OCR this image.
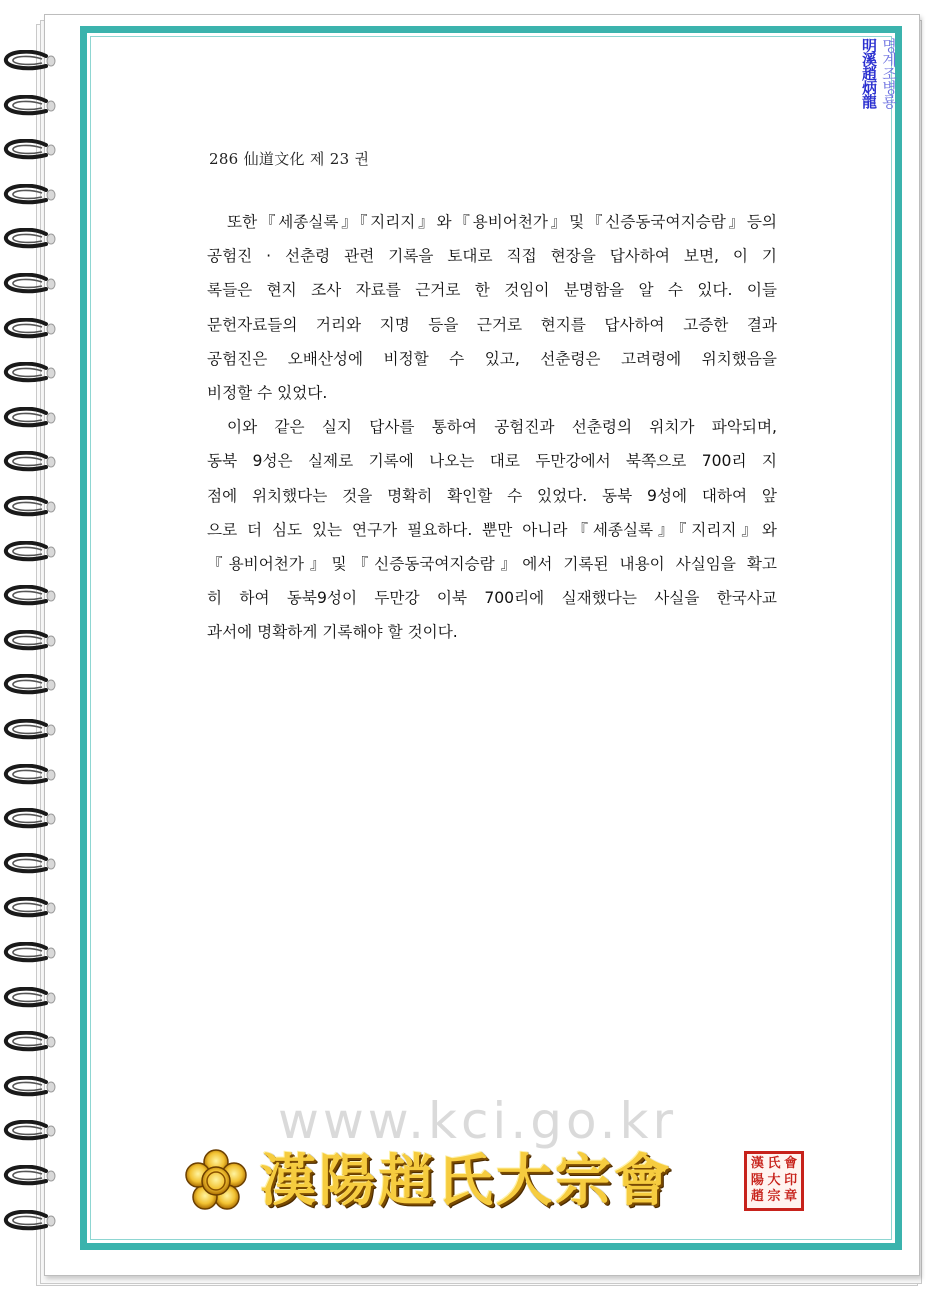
명계조병룡
明溪趙炳龍
286 仙道文化 제 23 권
또한『세종실록』『지리지』와『용비어천가』및『신증동국여지승람』등의
공험진 · 선춘령 관련 기록을 토대로 직접 현장을 답사하여 보면, 이 기
록들은 현지 조사 자료를 근거로 한 것임이 분명함을 알 수 있다. 이들
문헌자료들의 거리와 지명 등을 근거로 현지를 답사하여 고증한 결과
공험진은 오배산성에 비정할 수 있고, 선춘령은 고려령에 위치했음을
비정할 수 있었다.
이와 같은 실지 답사를 통하여 공험진과 선춘령의 위치가 파악되며,
동북 9성은 실제로 기록에 나오는 대로 두만강에서 북쪽으로 700리 지
점에 위치했다는 것을 명확히 확인할 수 있었다. 동북 9성에 대하여 앞
으로 더 심도 있는 연구가 필요하다. 뿐만 아니라『세종실록』『지리지』와
『용비어천가』및『신증동국여지승람』에서 기록된 내용이 사실임을 확고
히 하여 동북9성이 두만강 이북 700리에 실재했다는 사실을 한국사교
과서에 명확하게 기록해야 할 것이다.
www.kci.go.kr
漢陽趙氏大宗會	漢 氏 會
陽 大 印
趙 宗 章
